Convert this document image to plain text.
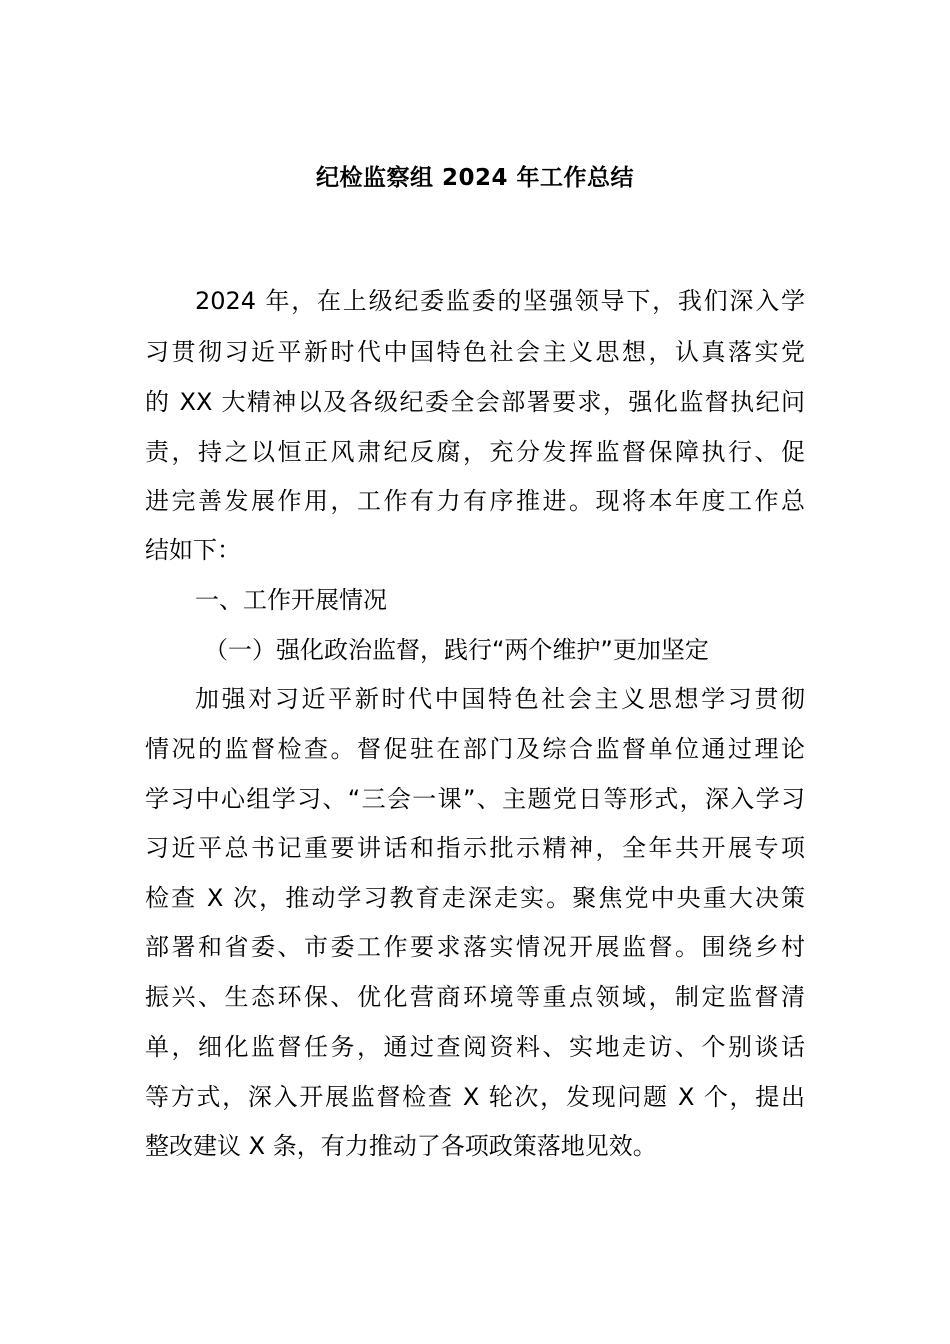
纪检监察组 2024 年工作总结
2024 年，在上级纪委监委的坚强领导下，我们深入学
习贯彻习近平新时代中国特色社会主义思想，认真落实党
的 XX 大精神以及各级纪委全会部署要求，强化监督执纪问
责，持之以恒正风肃纪反腐，充分发挥监督保障执行、促
进完善发展作用，工作有力有序推进。现将本年度工作总
结如下：
一、工作开展情况
（一）强化政治监督，践行“两个维护”更加坚定
加强对习近平新时代中国特色社会主义思想学习贯彻
情况的监督检查。督促驻在部门及综合监督单位通过理论
学习中心组学习、“三会一课”、主题党日等形式，深入学习
习近平总书记重要讲话和指示批示精神，全年共开展专项
检查 X 次，推动学习教育走深走实。聚焦党中央重大决策
部署和省委、市委工作要求落实情况开展监督。围绕乡村
振兴、生态环保、优化营商环境等重点领域，制定监督清
单，细化监督任务，通过查阅资料、实地走访、个别谈话
等方式，深入开展监督检查 X 轮次，发现问题 X 个，提出
整改建议 X 条，有力推动了各项政策落地见效。
